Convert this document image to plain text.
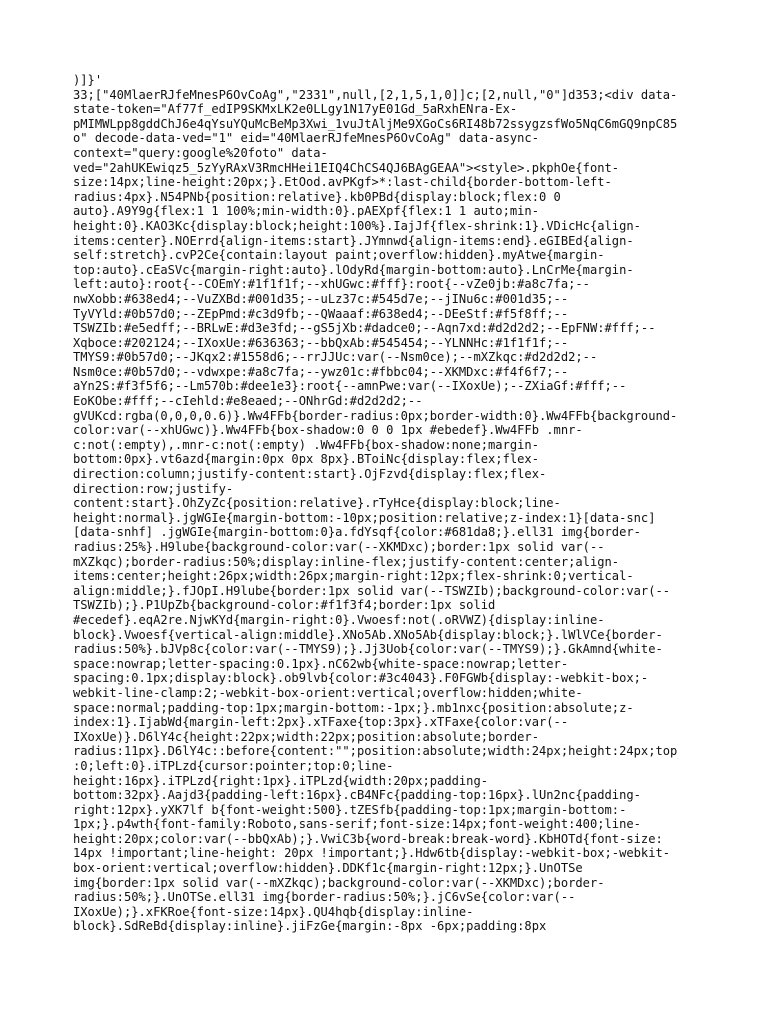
)]}'
33;["40MlaerRJfeMnesP6OvCoAg","2331",null,[2,1,5,1,0]]c;[2,null,"0"]d353;<div data-
state-token="Af77f_edIP9SKMxLK2e0LLgy1N17yE01Gd_5aRxhENra-Ex-
pMIMWLpp8gddChJ6e4qYsuYQuMcBeMp3Xwi_1vuJtAljMe9XGoCs6RI48b72ssygzsfWo5NqC6mGQ9npC85
o" decode-data-ved="1" eid="40MlaerRJfeMnesP6OvCoAg" data-async-
context="query:google%20foto" data-
ved="2ahUKEwiqz5_5zYyRAxV3RmcHHei1EIQ4ChCS4QJ6BAgGEAA"><style>.pkphOe{font-
size:14px;line-height:20px;}.EtOod.avPKgf>*:last-child{border-bottom-left-
radius:4px}.N54PNb{position:relative}.kb0PBd{display:block;flex:0 0
auto}.A9Y9g{flex:1 1 100%;min-width:0}.pAEXpf{flex:1 1 auto;min-
height:0}.KAO3Kc{display:block;height:100%}.IajJf{flex-shrink:1}.VDicHc{align-
items:center}.NOErrd{align-items:start}.JYmnwd{align-items:end}.eGIBEd{align-
self:stretch}.cvP2Ce{contain:layout paint;overflow:hidden}.myAtwe{margin-
top:auto}.cEaSVc{margin-right:auto}.lOdyRd{margin-bottom:auto}.LnCrMe{margin-
left:auto}:root{--COEmY:#1f1f1f;--xhUGwc:#fff}:root{--vZe0jb:#a8c7fa;--
nwXobb:#638ed4;--VuZXBd:#001d35;--uLz37c:#545d7e;--jINu6c:#001d35;--
TyVYld:#0b57d0;--ZEpPmd:#c3d9fb;--QWaaaf:#638ed4;--DEeStf:#f5f8ff;--
TSWZIb:#e5edff;--BRLwE:#d3e3fd;--gS5jXb:#dadce0;--Aqn7xd:#d2d2d2;--EpFNW:#fff;--
Xqboce:#202124;--IXoxUe:#636363;--bbQxAb:#545454;--YLNNHc:#1f1f1f;--
TMYS9:#0b57d0;--JKqx2:#1558d6;--rrJJUc:var(--Nsm0ce);--mXZkqc:#d2d2d2;--
Nsm0ce:#0b57d0;--vdwxpe:#a8c7fa;--ywz01c:#fbbc04;--XKMDxc:#f4f6f7;--
aYn2S:#f3f5f6;--Lm570b:#dee1e3}:root{--amnPwe:var(--IXoxUe);--ZXiaGf:#fff;--
EoKObe:#fff;--cIehld:#e8eaed;--ONhrGd:#d2d2d2;--
gVUKcd:rgba(0,0,0,0.6)}.Ww4FFb{border-radius:0px;border-width:0}.Ww4FFb{background-
color:var(--xhUGwc)}.Ww4FFb{box-shadow:0 0 0 1px #ebedef}.Ww4FFb .mnr-
c:not(:empty),.mnr-c:not(:empty) .Ww4FFb{box-shadow:none;margin-
bottom:0px}.vt6azd{margin:0px 0px 8px}.BToiNc{display:flex;flex-
direction:column;justify-content:start}.OjFzvd{display:flex;flex-
direction:row;justify-
content:start}.OhZyZc{position:relative}.rTyHce{display:block;line-
height:normal}.jgWGIe{margin-bottom:-10px;position:relative;z-index:1}[data-snc]
[data-snhf] .jgWGIe{margin-bottom:0}a.fdYsqf{color:#681da8;}.ell31 img{border-
radius:25%}.H9lube{background-color:var(--XKMDxc);border:1px solid var(--
mXZkqc);border-radius:50%;display:inline-flex;justify-content:center;align-
items:center;height:26px;width:26px;margin-right:12px;flex-shrink:0;vertical-
align:middle;}.fJOpI.H9lube{border:1px solid var(--TSWZIb);background-color:var(--
TSWZIb);}.P1UpZb{background-color:#f1f3f4;border:1px solid
#ecedef}.eqA2re.NjwKYd{margin-right:0}.Vwoesf:not(.oRVWZ){display:inline-
block}.Vwoesf{vertical-align:middle}.XNo5Ab.XNo5Ab{display:block;}.lWlVCe{border-
radius:50%}.bJVp8c{color:var(--TMYS9);}.Jj3Uob{color:var(--TMYS9);}.GkAmnd{white-
space:nowrap;letter-spacing:0.1px}.nC62wb{white-space:nowrap;letter-
spacing:0.1px;display:block}.ob9lvb{color:#3c4043}.F0FGWb{display:-webkit-box;-
webkit-line-clamp:2;-webkit-box-orient:vertical;overflow:hidden;white-
space:normal;padding-top:1px;margin-bottom:-1px;}.mb1nxc{position:absolute;z-
index:1}.IjabWd{margin-left:2px}.xTFaxe{top:3px}.xTFaxe{color:var(--
IXoxUe)}.D6lY4c{height:22px;width:22px;position:absolute;border-
radius:11px}.D6lY4c::before{content:"";position:absolute;width:24px;height:24px;top
:0;left:0}.iTPLzd{cursor:pointer;top:0;line-
height:16px}.iTPLzd{right:1px}.iTPLzd{width:20px;padding-
bottom:32px}.Aajd3{padding-left:16px}.cB4NFc{padding-top:16px}.lUn2nc{padding-
right:12px}.yXK7lf b{font-weight:500}.tZESfb{padding-top:1px;margin-bottom:-
1px;}.p4wth{font-family:Roboto,sans-serif;font-size:14px;font-weight:400;line-
height:20px;color:var(--bbQxAb);}.VwiC3b{word-break:break-word}.KbHOTd{font-size:
14px !important;line-height: 20px !important;}.Hdw6tb{display:-webkit-box;-webkit-
box-orient:vertical;overflow:hidden}.DDKf1c{margin-right:12px;}.UnOTSe
img{border:1px solid var(--mXZkqc);background-color:var(--XKMDxc);border-
radius:50%;}.UnOTSe.ell31 img{border-radius:50%;}.jC6vSe{color:var(--
IXoxUe);}.xFKRoe{font-size:14px}.QU4hqb{display:inline-
block}.SdReBd{display:inline}.jiFzGe{margin:-8px -6px;padding:8px
